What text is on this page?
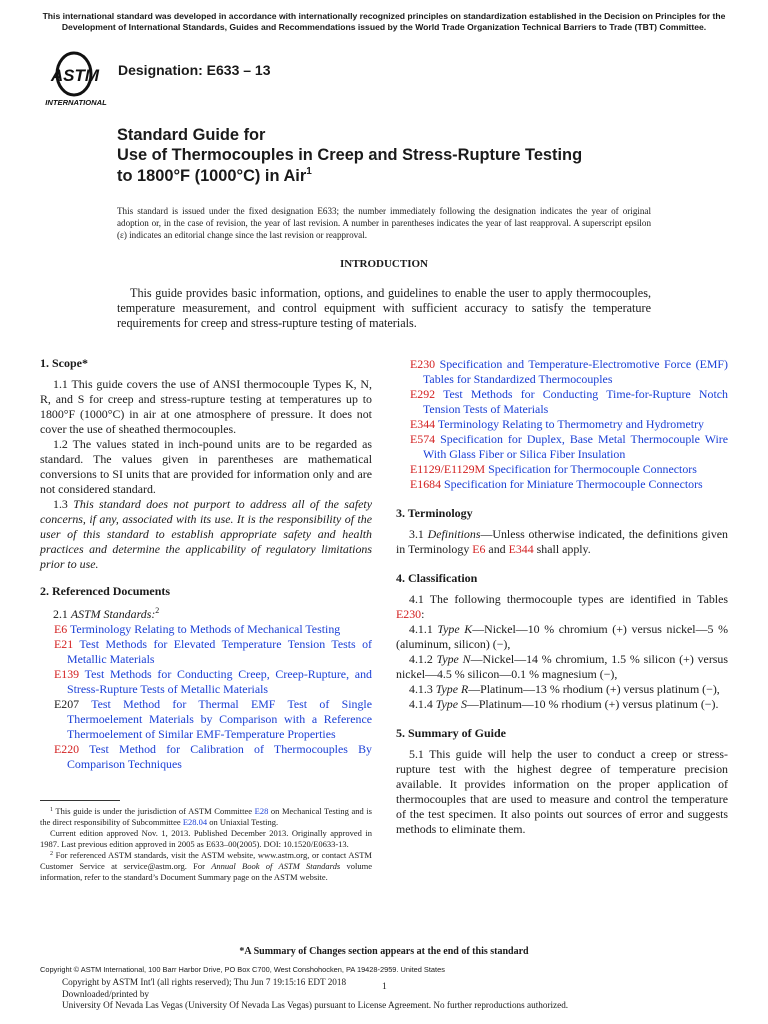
This international standard was developed in accordance with internationally recognized principles on standardization established in the Decision on Principles for the
Development of International Standards, Guides and Recommendations issued by the World Trade Organization Technical Barriers to Trade (TBT) Committee.
ASTM
INTERNATIONAL
Designation: E633 – 13
Standard Guide for
Use of Thermocouples in Creep and Stress-Rupture Testing
to 1800°F (1000°C) in Air$^1$
This standard is issued under the fixed designation E633; the number immediately following the designation indicates the year of original adoption or, in the case of revision, the year of last revision. A number in parentheses indicates the year of last reapproval. A superscript epsilon (ε) indicates an editorial change since the last revision or reapproval.
INTRODUCTION
This guide provides basic information, options, and guidelines to enable the user to apply thermocouples, temperature measurement, and control equipment with sufficient accuracy to satisfy the temperature requirements for creep and stress-rupture testing of materials.
1. Scope*

1.1 This guide covers the use of ANSI thermocouple Types K, N, R, and S for creep and stress-rupture testing at temperatures up to 1800°F (1000°C) in air at one atmosphere of pressure. It does not cover the use of sheathed thermocouples.

1.2 The values stated in inch-pound units are to be regarded as standard. The values given in parentheses are mathematical conversions to SI units that are provided for information only and are not considered standard.

1.3 This standard does not purport to address all of the safety concerns, if any, associated with its use. It is the responsibility of the user of this standard to establish appropriate safety and health practices and determine the applicability of regulatory limitations prior to use.

2. Referenced Documents

2.1 ASTM Standards:$^2$

E6 Terminology Relating to Methods of Mechanical Testing

E21 Test Methods for Elevated Temperature Tension Tests of Metallic Materials

E139 Test Methods for Conducting Creep, Creep-Rupture, and Stress-Rupture Tests of Metallic Materials

E207 Test Method for Thermal EMF Test of Single Thermoelement Materials by Comparison with a Reference Thermoelement of Similar EMF-Temperature Properties

E220 Test Method for Calibration of Thermocouples By Comparison Techniques

$^1$ This guide is under the jurisdiction of ASTM Committee E28 on Mechanical Testing and is the direct responsibility of Subcommittee E28.04 on Uniaxial Testing.

Current edition approved Nov. 1, 2013. Published December 2013. Originally approved in 1987. Last previous edition approved in 2005 as E633–00(2005). DOI: 10.1520/E0633-13.

$^2$ For referenced ASTM standards, visit the ASTM website, www.astm.org, or contact ASTM Customer Service at service@astm.org. For Annual Book of ASTM Standards volume information, refer to the standard’s Document Summary page on the ASTM website.

E230 Specification and Temperature-Electromotive Force (EMF) Tables for Standardized Thermocouples

E292 Test Methods for Conducting Time-for-Rupture Notch Tension Tests of Materials

E344 Terminology Relating to Thermometry and Hydrometry

E574 Specification for Duplex, Base Metal Thermocouple Wire With Glass Fiber or Silica Fiber Insulation

E1129/E1129M Specification for Thermocouple Connectors

E1684 Specification for Miniature Thermocouple Connectors

3. Terminology

3.1 Definitions—Unless otherwise indicated, the definitions given in Terminology E6 and E344 shall apply.

4. Classification

4.1 The following thermocouple types are identified in Tables E230:

4.1.1 Type K—Nickel—10 % chromium (+) versus nickel—5 % (aluminum, silicon) (−),

4.1.2 Type N—Nickel—14 % chromium, 1.5 % silicon (+) versus nickel—4.5 % silicon—0.1 % magnesium (−),

4.1.3 Type R—Platinum—13 % rhodium (+) versus platinum (−),

4.1.4 Type S—Platinum—10 % rhodium (+) versus platinum (−).

5. Summary of Guide

5.1 This guide will help the user to conduct a creep or stress-rupture test with the highest degree of temperature precision available. It provides information on the proper application of thermocouples that are used to measure and control the temperature of the test specimen. It also points out sources of error and suggests methods to eliminate them.

*A Summary of Changes section appears at the end of this standard
Copyright © ASTM International, 100 Barr Harbor Drive, PO Box C700, West Conshohocken, PA 19428-2959. United States
Copyright by ASTM Int'l (all rights reserved); Thu Jun 7 19:15:16 EDT 2018
Downloaded/printed by
University Of Nevada Las Vegas (University Of Nevada Las Vegas) pursuant to License Agreement. No further reproductions authorized.
1
